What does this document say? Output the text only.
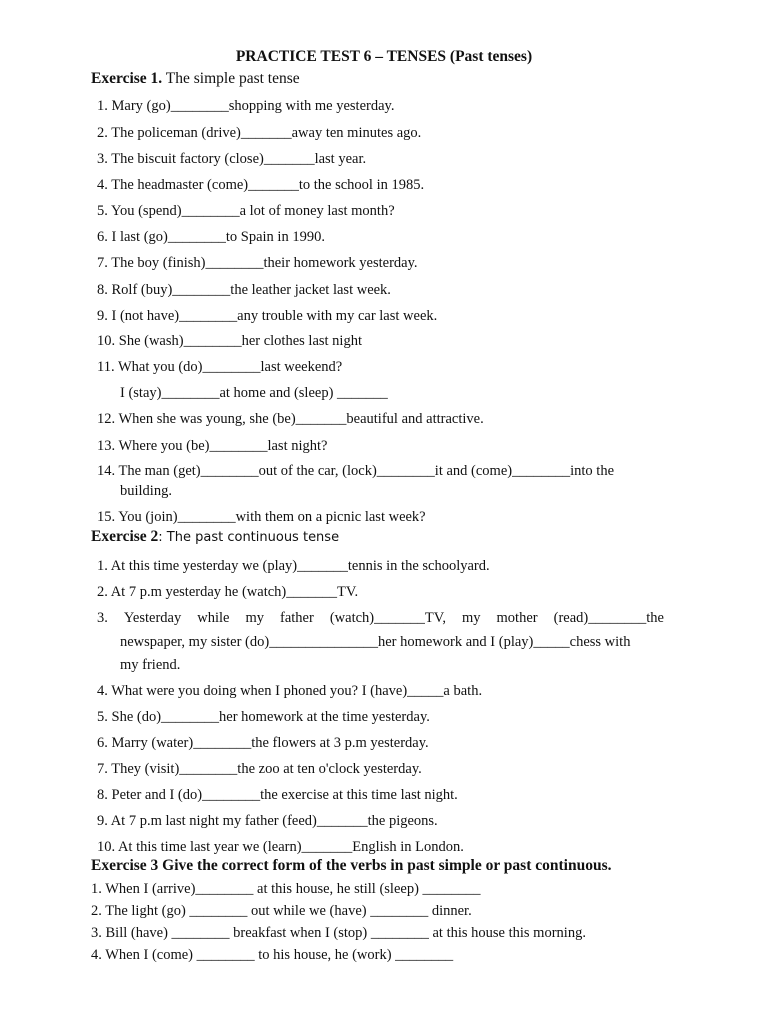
PRACTICE TEST 6 – TENSES (Past tenses)
Exercise 1. The simple past tense
1. Mary (go)________shopping with me yesterday.
2. The policeman (drive)_______away ten minutes ago.
3. The biscuit factory (close)_______last year.
4. The headmaster (come)_______to the school in 1985.
5. You (spend)________a lot of money last month?
6. I last (go)________to Spain in 1990.
7. The boy (finish)________their homework yesterday.
8. Rolf (buy)________the leather jacket last week.
9. I (not have)________any trouble with my car last week.
10. She (wash)________her clothes last night
11. What you (do)________last weekend?
I (stay)________at home and (sleep) _______
12. When she was young, she (be)_______beautiful and attractive.
13. Where you (be)________last night?
14. The man (get)________out of the car, (lock)________it and (come)________into the
building.
15. You (join)________with them on a picnic last week?
Exercise 2: The past continuous tense
1. At this time yesterday we (play)_______tennis in the schoolyard.
2. At 7 p.m yesterday he (watch)_______TV.
3. Yesterday while my father (watch)_______TV, my mother (read)________the
newspaper, my sister (do)_______________her homework and I (play)_____chess with
my friend.
4. What were you doing when I phoned you? I (have)_____a bath.
5. She (do)________her homework at the time yesterday.
6. Marry (water)________the flowers at 3 p.m yesterday.
7. They (visit)________the zoo at ten o'clock yesterday.
8. Peter and I (do)________the exercise at this time last night.
9. At 7 p.m last night my father (feed)_______the pigeons.
10. At this time last year we (learn)_______English in London.
Exercise 3 Give the correct form of the verbs in past simple or past continuous.
1. When I (arrive)________ at this house, he still (sleep) ________
2. The light (go) ________ out while we (have) ________ dinner.
3. Bill (have) ________ breakfast when I (stop) ________ at this house this morning.
4. When I (come) ________ to his house, he (work) ________
